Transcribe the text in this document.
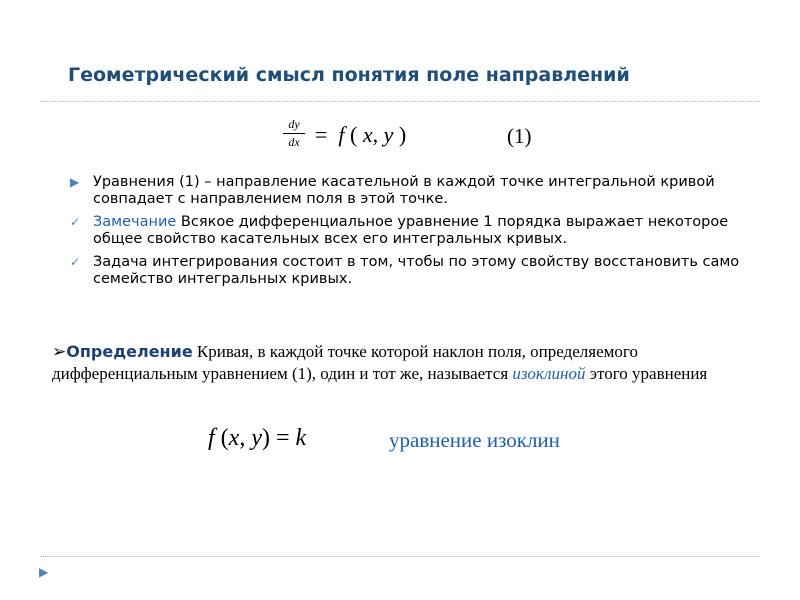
Геометрический смысл понятия поле направлений
dy
dx = f ( x, y )	(1)
▶ Уравнения (1) – направление касательной в каждой точке интегральной кривой совпадает с направлением поля в этой точке.
✓ Замечание Всякое дифференциальное уравнение 1 порядка выражает некоторое общее свойство касательных всех его интегральных кривых.
✓ Задача интегрирования состоит в том, чтобы по этому свойству восстановить само семейство интегральных кривых.
➢Определение Кривая, в каждой точке которой наклон поля, определяемого дифференциальным уравнением (1), один и тот же, называется изоклиной этого уравнения
f (x, y) = k	уравнение изоклин
▶
